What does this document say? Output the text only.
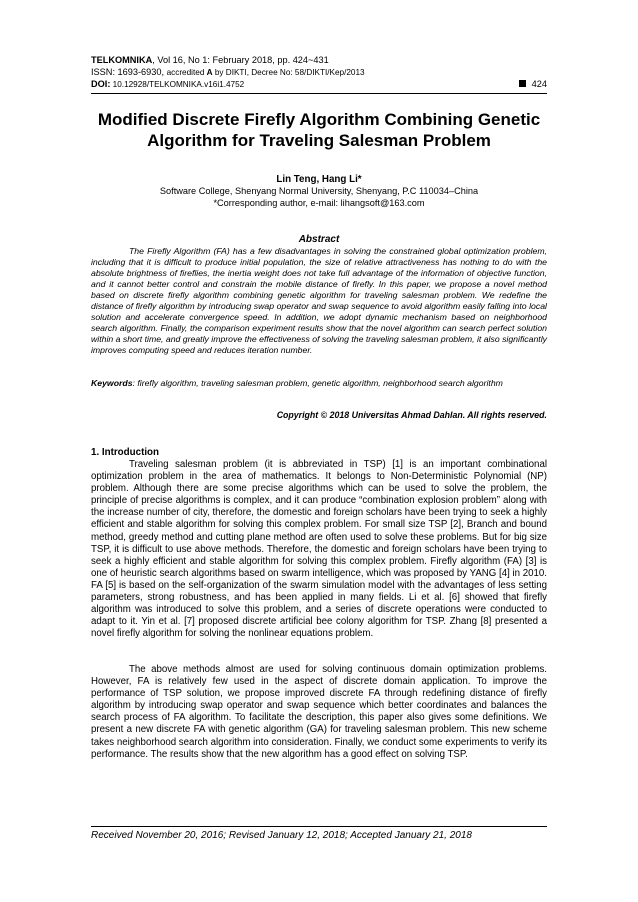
TELKOMNIKA, Vol 16, No 1: February 2018, pp. 424~431
ISSN: 1693-6930, accredited A by DIKTI, Decree No: 58/DIKTI/Kep/2013
DOI: 10.12928/TELKOMNIKA.v16i1.4752	424
Modified Discrete Firefly Algorithm Combining Genetic Algorithm for Traveling Salesman Problem
Lin Teng, Hang Li*
Software College, Shenyang Normal University, Shenyang, P.C 110034–China
*Corresponding author, e-mail: lihangsoft@163.com
Abstract

The Firefly Algorithm (FA) has a few disadvantages in solving the constrained global optimization problem, including that it is difficult to produce initial population, the size of relative attractiveness has nothing to do with the absolute brightness of fireflies, the inertia weight does not take full advantage of the information of objective function, and it cannot better control and constrain the mobile distance of firefly. In this paper, we propose a novel method based on discrete firefly algorithm combining genetic algorithm for traveling salesman problem. We redefine the distance of firefly algorithm by introducing swap operator and swap sequence to avoid algorithm easily falling into local solution and accelerate convergence speed. In addition, we adopt dynamic mechanism based on neighborhood search algorithm. Finally, the comparison experiment results show that the novel algorithm can search perfect solution within a short time, and greatly improve the effectiveness of solving the traveling salesman problem, it also significantly improves computing speed and reduces iteration number.

Keywords: firefly algorithm, traveling salesman problem, genetic algorithm, neighborhood search algorithm
Copyright © 2018 Universitas Ahmad Dahlan. All rights reserved.
1. Introduction

Traveling salesman problem (it is abbreviated in TSP) [1] is an important combinational optimization problem in the area of mathematics. It belongs to Non-Deterministic Polynomial (NP) problem. Although there are some precise algorithms which can be used to solve the problem, the principle of precise algorithms is complex, and it can produce “combination explosion problem” along with the increase number of city, therefore, the domestic and foreign scholars have been trying to seek a highly efficient and stable algorithm for solving this complex problem. For small size TSP [2], Branch and bound method, greedy method and cutting plane method are often used to solve these problems. But for big size TSP, it is difficult to use above methods. Therefore, the domestic and foreign scholars have been trying to seek a highly efficient and stable algorithm for solving this complex problem. Firefly algorithm (FA) [3] is one of heuristic search algorithms based on swarm intelligence, which was proposed by YANG [4] in 2010. FA [5] is based on the self-organization of the swarm simulation model with the advantages of less setting parameters, strong robustness, and has been applied in many fields. Li et al. [6] showed that firefly algorithm was introduced to solve this problem, and a series of discrete operations were conducted to adapt to it. Yin et al. [7] proposed discrete artificial bee colony algorithm for TSP. Zhang [8] presented a novel firefly algorithm for solving the nonlinear equations problem.

The above methods almost are used for solving continuous domain optimization problems. However, FA is relatively few used in the aspect of discrete domain application. To improve the performance of TSP solution, we propose improved discrete FA through redefining distance of firefly algorithm by introducing swap operator and swap sequence which better coordinates and balances the search process of FA algorithm. To facilitate the description, this paper also gives some definitions. We present a new discrete FA with genetic algorithm (GA) for traveling salesman problem. This new scheme takes neighborhood search algorithm into consideration. Finally, we conduct some experiments to verify its performance. The results show that the new algorithm has a good effect on solving TSP.

Received November 20, 2016; Revised January 12, 2018; Accepted January 21, 2018
